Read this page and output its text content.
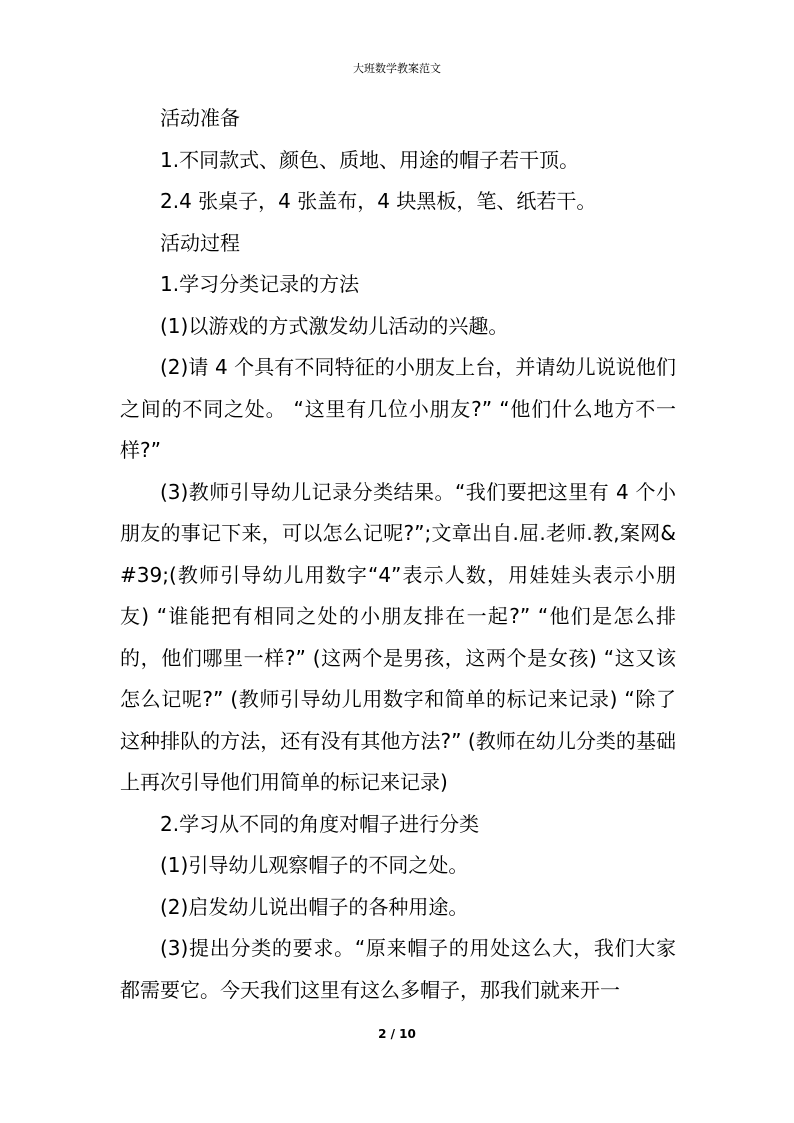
大班数学教案范文

活动准备

1.不同款式、颜色、质地、用途的帽子若干顶。

2.4 张桌子，4 张盖布，4 块黑板，笔、纸若干。

活动过程

1.学习分类记录的方法

(1)以游戏的方式激发幼儿活动的兴趣。

(2)请 4 个具有不同特征的小朋友上台，并请幼儿说说他们之间的不同之处。 “这里有几位小朋友?” “他们什么地方不一样?”

(3)教师引导幼儿记录分类结果。“我们要把这里有 4 个小朋友的事记下来，可以怎么记呢?”;文章出自.屈.老师.教,案网&#39;(教师引导幼儿用数字“4”表示人数，用娃娃头表示小朋友) “谁能把有相同之处的小朋友排在一起?” “他们是怎么排的，他们哪里一样?” (这两个是男孩，这两个是女孩) “这又该怎么记呢?” (教师引导幼儿用数字和简单的标记来记录) “除了这种排队的方法，还有没有其他方法?” (教师在幼儿分类的基础上再次引导他们用简单的标记来记录)

2.学习从不同的角度对帽子进行分类

(1)引导幼儿观察帽子的不同之处。

(2)启发幼儿说出帽子的各种用途。

(3)提出分类的要求。“原来帽子的用处这么大，我们大家都需要它。今天我们这里有这么多帽子，那我们就来开一

2 / 10
